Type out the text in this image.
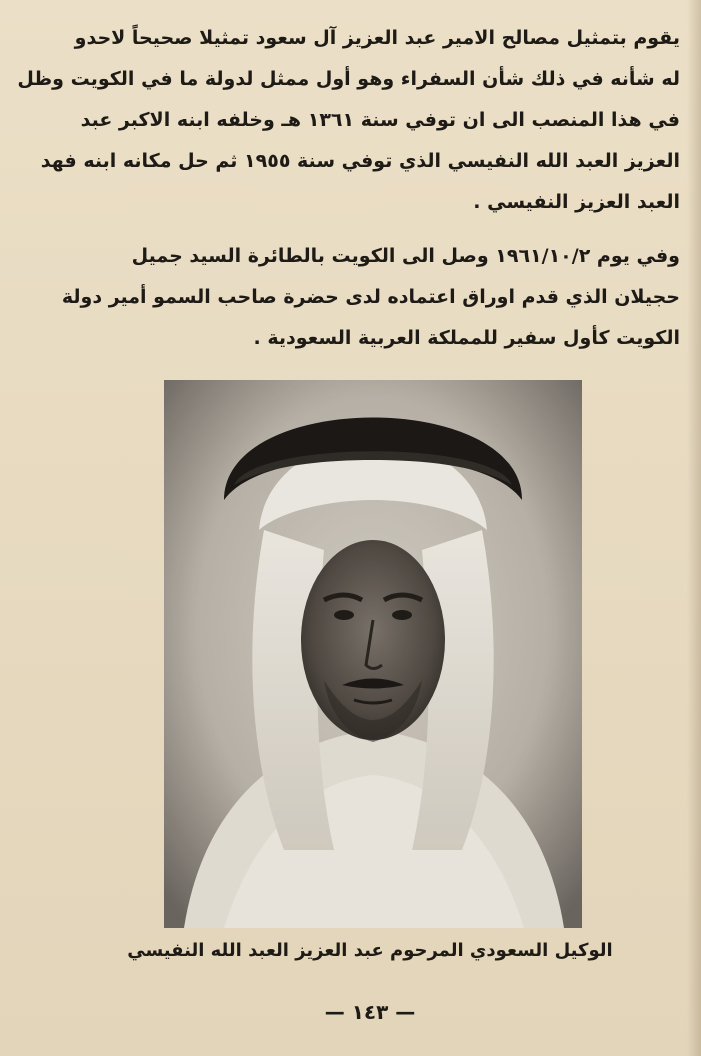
يقوم بتمثيل مصالح الامير عبد العزيز آل سعود تمثيلا صحيحاً لاحدو
له شأنه في ذلك شأن السفراء وهو أول ممثل لدولة ما في الكويت وظل
في هذا المنصب الى ان توفي سنة ١٣٦١ هـ وخلفه ابنه الاكبر عبد
العزيز العبد الله النفيسي الذي توفي سنة ١٩٥٥ ثم حل مكانه ابنه فهد
العبد العزيز النفيسي .
وفي يوم ١٩٦١/١٠/٢ وصل الى الكويت بالطائرة السيد جميل
حجيلان الذي قدم اوراق اعتماده لدى حضرة صاحب السمو أمير دولة
الكويت كأول سفير للمملكة العربية السعودية .
الوكيل السعودي المرحوم عبد العزيز العبد الله النفيسي
— ١٤٣ —
